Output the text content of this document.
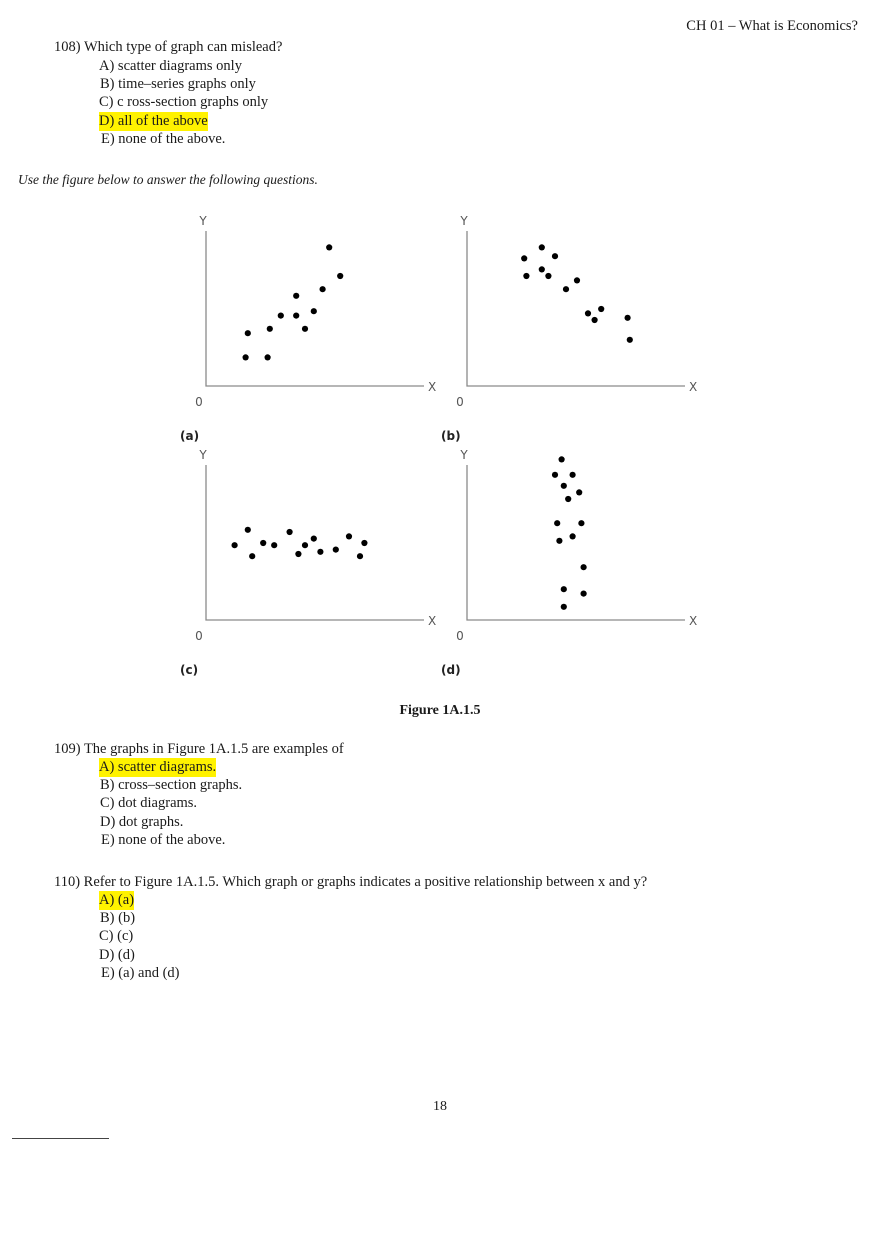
CH 01 – What is Economics?
108) Which type of graph can mislead?
A) scatter diagrams only
B) time–series graphs only
C) c ross-section graphs only
D) all of the above
E) none of the above.
Use the figure below to answer the following questions.
Y
X
0
(a)
Y
X
0
(b)
Y
X
0
(c)
Y
X
0
(d)
Figure 1A.1.5
109) The graphs in Figure 1A.1.5 are examples of
A) scatter diagrams.
B) cross–section graphs.
C) dot diagrams.
D) dot graphs.
E) none of the above.
110) Refer to Figure 1A.1.5. Which graph or graphs indicates a positive relationship between x and y?
A) (a)
B) (b)
C) (c)
D) (d)
E) (a) and (d)
18
